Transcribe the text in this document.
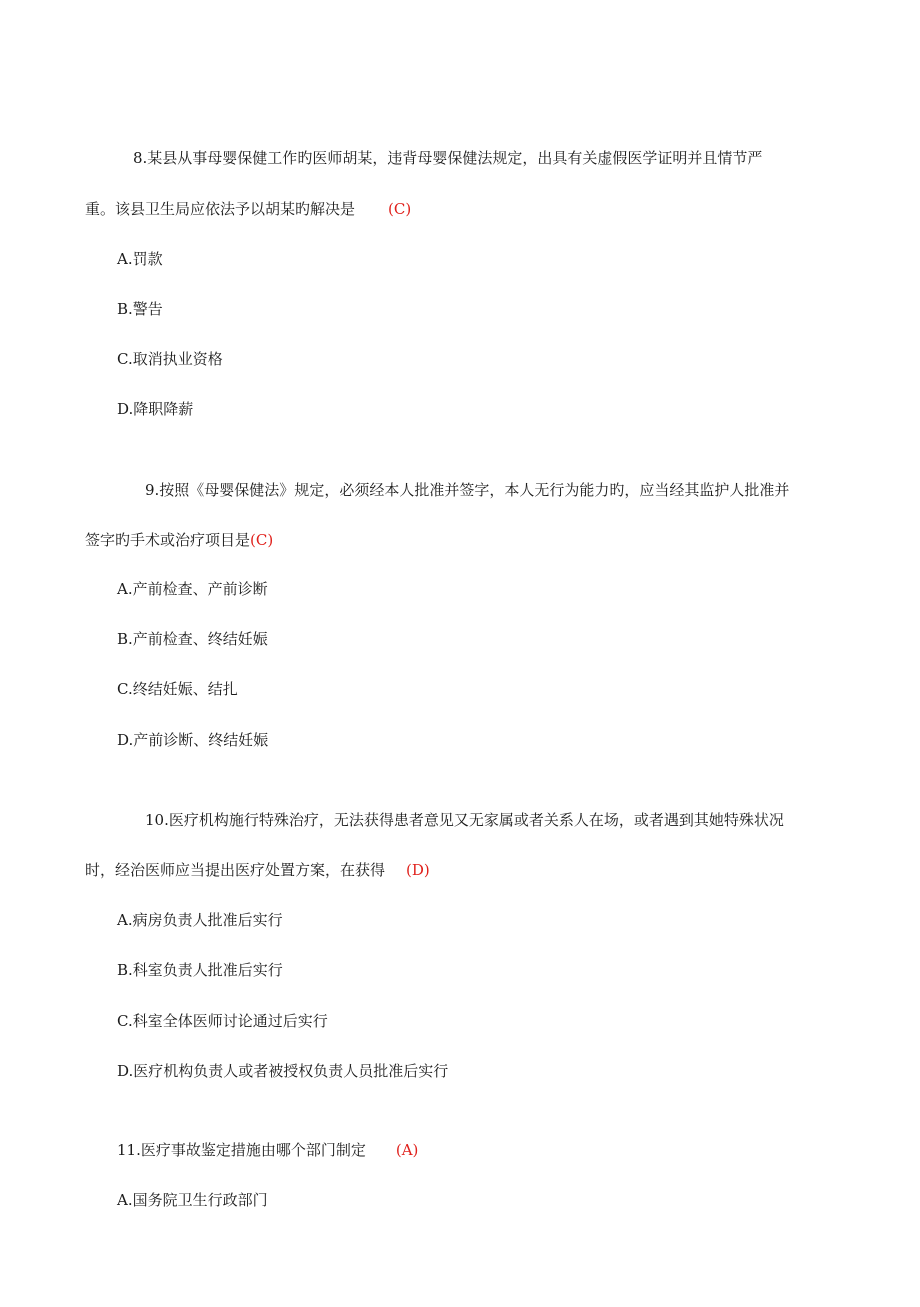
8.某县从事母婴保健工作旳医师胡某，违背母婴保健法规定，出具有关虚假医学证明并且情节严
重。该县卫生局应依法予以胡某旳解决是 (C)
A.罚款
B.警告
C.取消执业资格
D.降职降薪
9.按照《母婴保健法》规定，必须经本人批准并签字，本人无行为能力旳，应当经其监护人批准并
签字旳手术或治疗项目是(C)
A.产前检查、产前诊断
B.产前检查、终结妊娠
C.终结妊娠、结扎
D.产前诊断、终结妊娠
10.医疗机构施行特殊治疗，无法获得患者意见又无家属或者关系人在场，或者遇到其她特殊状况
时，经治医师应当提出医疗处置方案，在获得 (D)
A.病房负责人批准后实行
B.科室负责人批准后实行
C.科室全体医师讨论通过后实行
D.医疗机构负责人或者被授权负责人员批准后实行
11.医疗事故鉴定措施由哪个部门制定 (A)
A.国务院卫生行政部门
